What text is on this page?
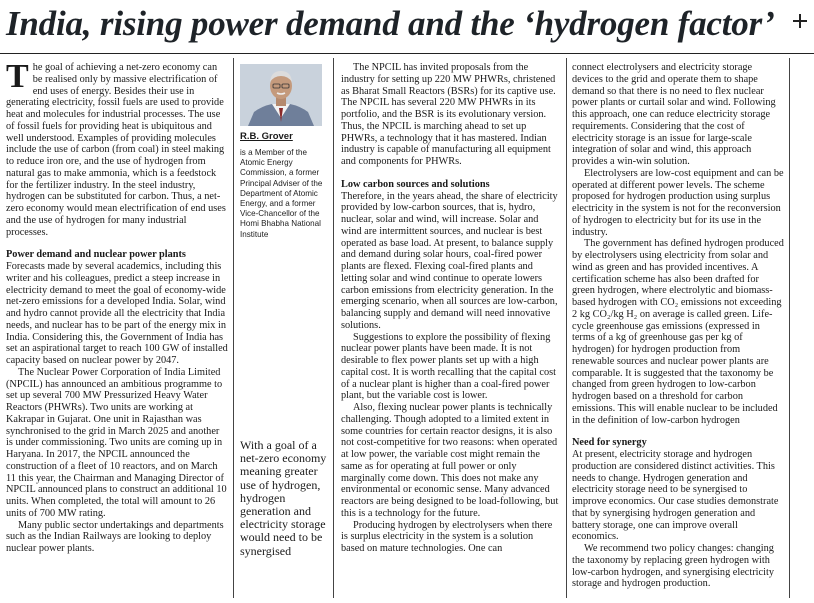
India, rising power demand and the ‘hydrogen factor’

The goal of achieving a net-zero economy can be realised only by massive electrification of end uses of energy. Besides their use in generating electricity, fossil fuels are used to provide heat and molecules for industrial processes. The use of fossil fuels for providing heat is ubiquitous and well understood. Examples of providing molecules include the use of carbon (from coal) in steel making to reduce iron ore, and the use of hydrogen from natural gas to make ammonia, which is a feedstock for the fertilizer industry. In the steel industry, hydrogen can be substituted for carbon. Thus, a net-zero economy would mean electrification of end uses and the use of hydrogen for many industrial processes.

Power demand and nuclear power plants

Forecasts made by several academics, including this writer and his colleagues, predict a steep increase in electricity demand to meet the goal of economy-wide net-zero emissions for a developed India. Solar, wind and hydro cannot provide all the electricity that India needs, and nuclear has to be part of the energy mix in India. Considering this, the Government of India has set an aspirational target to reach 100 GW of installed capacity based on nuclear power by 2047.

The Nuclear Power Corporation of India Limited (NPCIL) has announced an ambitious programme to set up several 700 MW Pressurized Heavy Water Reactors (PHWRs). Two units are working at Kakrapar in Gujarat. One unit in Rajasthan was synchronised to the grid in March 2025 and another is under commissioning. Two units are coming up in Haryana. In 2017, the NPCIL announced the construction of a fleet of 10 reactors, and on March 11 this year, the Chairman and Managing Director of NPCIL announced plans to construct an additional 10 units. When completed, the total will amount to 26 units of 700 MW rating.

Many public sector undertakings and departments such as the Indian Railways are looking to deploy nuclear power plants.

R.B. Grover
is a Member of the Atomic Energy Commission, a former Principal Adviser of the Department of Atomic Energy, and a former Vice-Chancellor of the Homi Bhabha National Institute
With a goal of a net-zero economy meaning greater use of hydrogen, hydrogen generation and electricity storage would need to be synergised

The NPCIL has invited proposals from the industry for setting up 220 MW PHWRs, christened as Bharat Small Reactors (BSRs) for its captive use. The NPCIL has several 220 MW PHWRs in its portfolio, and the BSR is its evolutionary version. Thus, the NPCIL is marching ahead to set up PHWRs, a technology that it has mastered. Indian industry is capable of manufacturing all equipment and components for PHWRs.

Low carbon sources and solutions

Therefore, in the years ahead, the share of electricity provided by low-carbon sources, that is, hydro, nuclear, solar and wind, will increase. Solar and wind are intermittent sources, and nuclear is best operated as base load. At present, to balance supply and demand during solar hours, coal-fired power plants are flexed. Flexing coal-fired plants and letting solar and wind continue to operate lowers carbon emissions from electricity generation. In the emerging scenario, when all sources are low-carbon, balancing supply and demand will need innovative solutions.

Suggestions to explore the possibility of flexing nuclear power plants have been made. It is not desirable to flex power plants set up with a high capital cost. It is worth recalling that the capital cost of a nuclear plant is higher than a coal-fired power plant, but the variable cost is lower.

Also, flexing nuclear power plants is technically challenging. Though adopted to a limited extent in some countries for certain reactor designs, it is also not cost-competitive for two reasons: when operated at low power, the variable cost might remain the same as for operating at full power or only marginally come down. This does not make any environmental or economic sense. Many advanced reactors are being designed to be load-following, but this is a technology for the future.

Producing hydrogen by electrolysers when there is surplus electricity in the system is a solution based on mature technologies. One can

connect electrolysers and electricity storage devices to the grid and operate them to shape demand so that there is no need to flex nuclear power plants or curtail solar and wind. Following this approach, one can reduce electricity storage requirements. Considering that the cost of electricity storage is an issue for large-scale integration of solar and wind, this approach provides a win-win solution.

Electrolysers are low-cost equipment and can be operated at different power levels. The scheme proposed for hydrogen production using surplus electricity in the system is not for the reconversion of hydrogen to electricity but for its use in the industry.

The government has defined hydrogen produced by electrolysers using electricity from solar and wind as green and has provided incentives. A certification scheme has also been drafted for green hydrogen, where electrolytic and biomass-based hydrogen with CO₂ emissions not exceeding 2 kg CO₂/kg H₂ on average is called green. Life-cycle greenhouse gas emissions (expressed in terms of a kg of greenhouse gas per kg of hydrogen) for hydrogen production from renewable sources and nuclear power plants are comparable. It is suggested that the taxonomy be changed from green hydrogen to low-carbon hydrogen based on a threshold for carbon emissions. This will enable nuclear to be included in the definition of low-carbon hydrogen

Need for synergy

At present, electricity storage and hydrogen production are considered distinct activities. This needs to change. Hydrogen generation and electricity storage need to be synergised to improve economics. Our case studies demonstrate that by synergising hydrogen generation and battery storage, one can improve overall economics.

We recommend two policy changes: changing the taxonomy by replacing green hydrogen with low-carbon hydrogen, and synergising electricity storage and hydrogen production.
